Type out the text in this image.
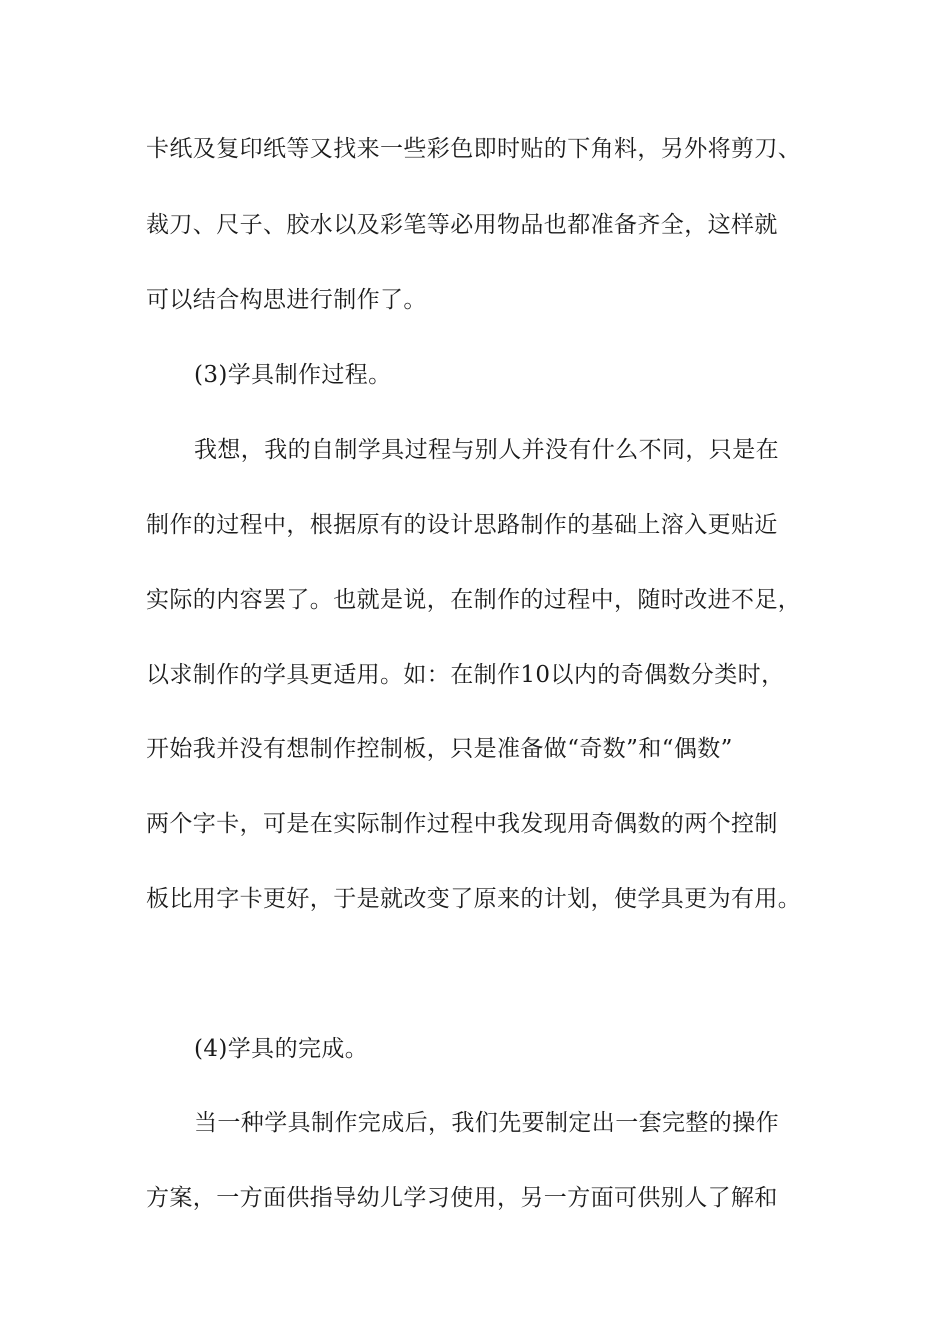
卡纸及复印纸等又找来一些彩色即时贴的下角料，另外将剪刀、
裁刀、尺子、胶水以及彩笔等必用物品也都准备齐全，这样就
可以结合构思进行制作了。
(3)学具制作过程。
我想，我的自制学具过程与别人并没有什么不同，只是在
制作的过程中，根据原有的设计思路制作的基础上溶入更贴近
实际的内容罢了。也就是说，在制作的过程中，随时改进不足，
以求制作的学具更适用。如：在制作10以内的奇偶数分类时，
开始我并没有想制作控制板，只是准备做“奇数”和“偶数”
两个字卡，可是在实际制作过程中我发现用奇偶数的两个控制
板比用字卡更好，于是就改变了原来的计划，使学具更为有用。
(4)学具的完成。
当一种学具制作完成后，我们先要制定出一套完整的操作
方案，一方面供指导幼儿学习使用，另一方面可供别人了解和
